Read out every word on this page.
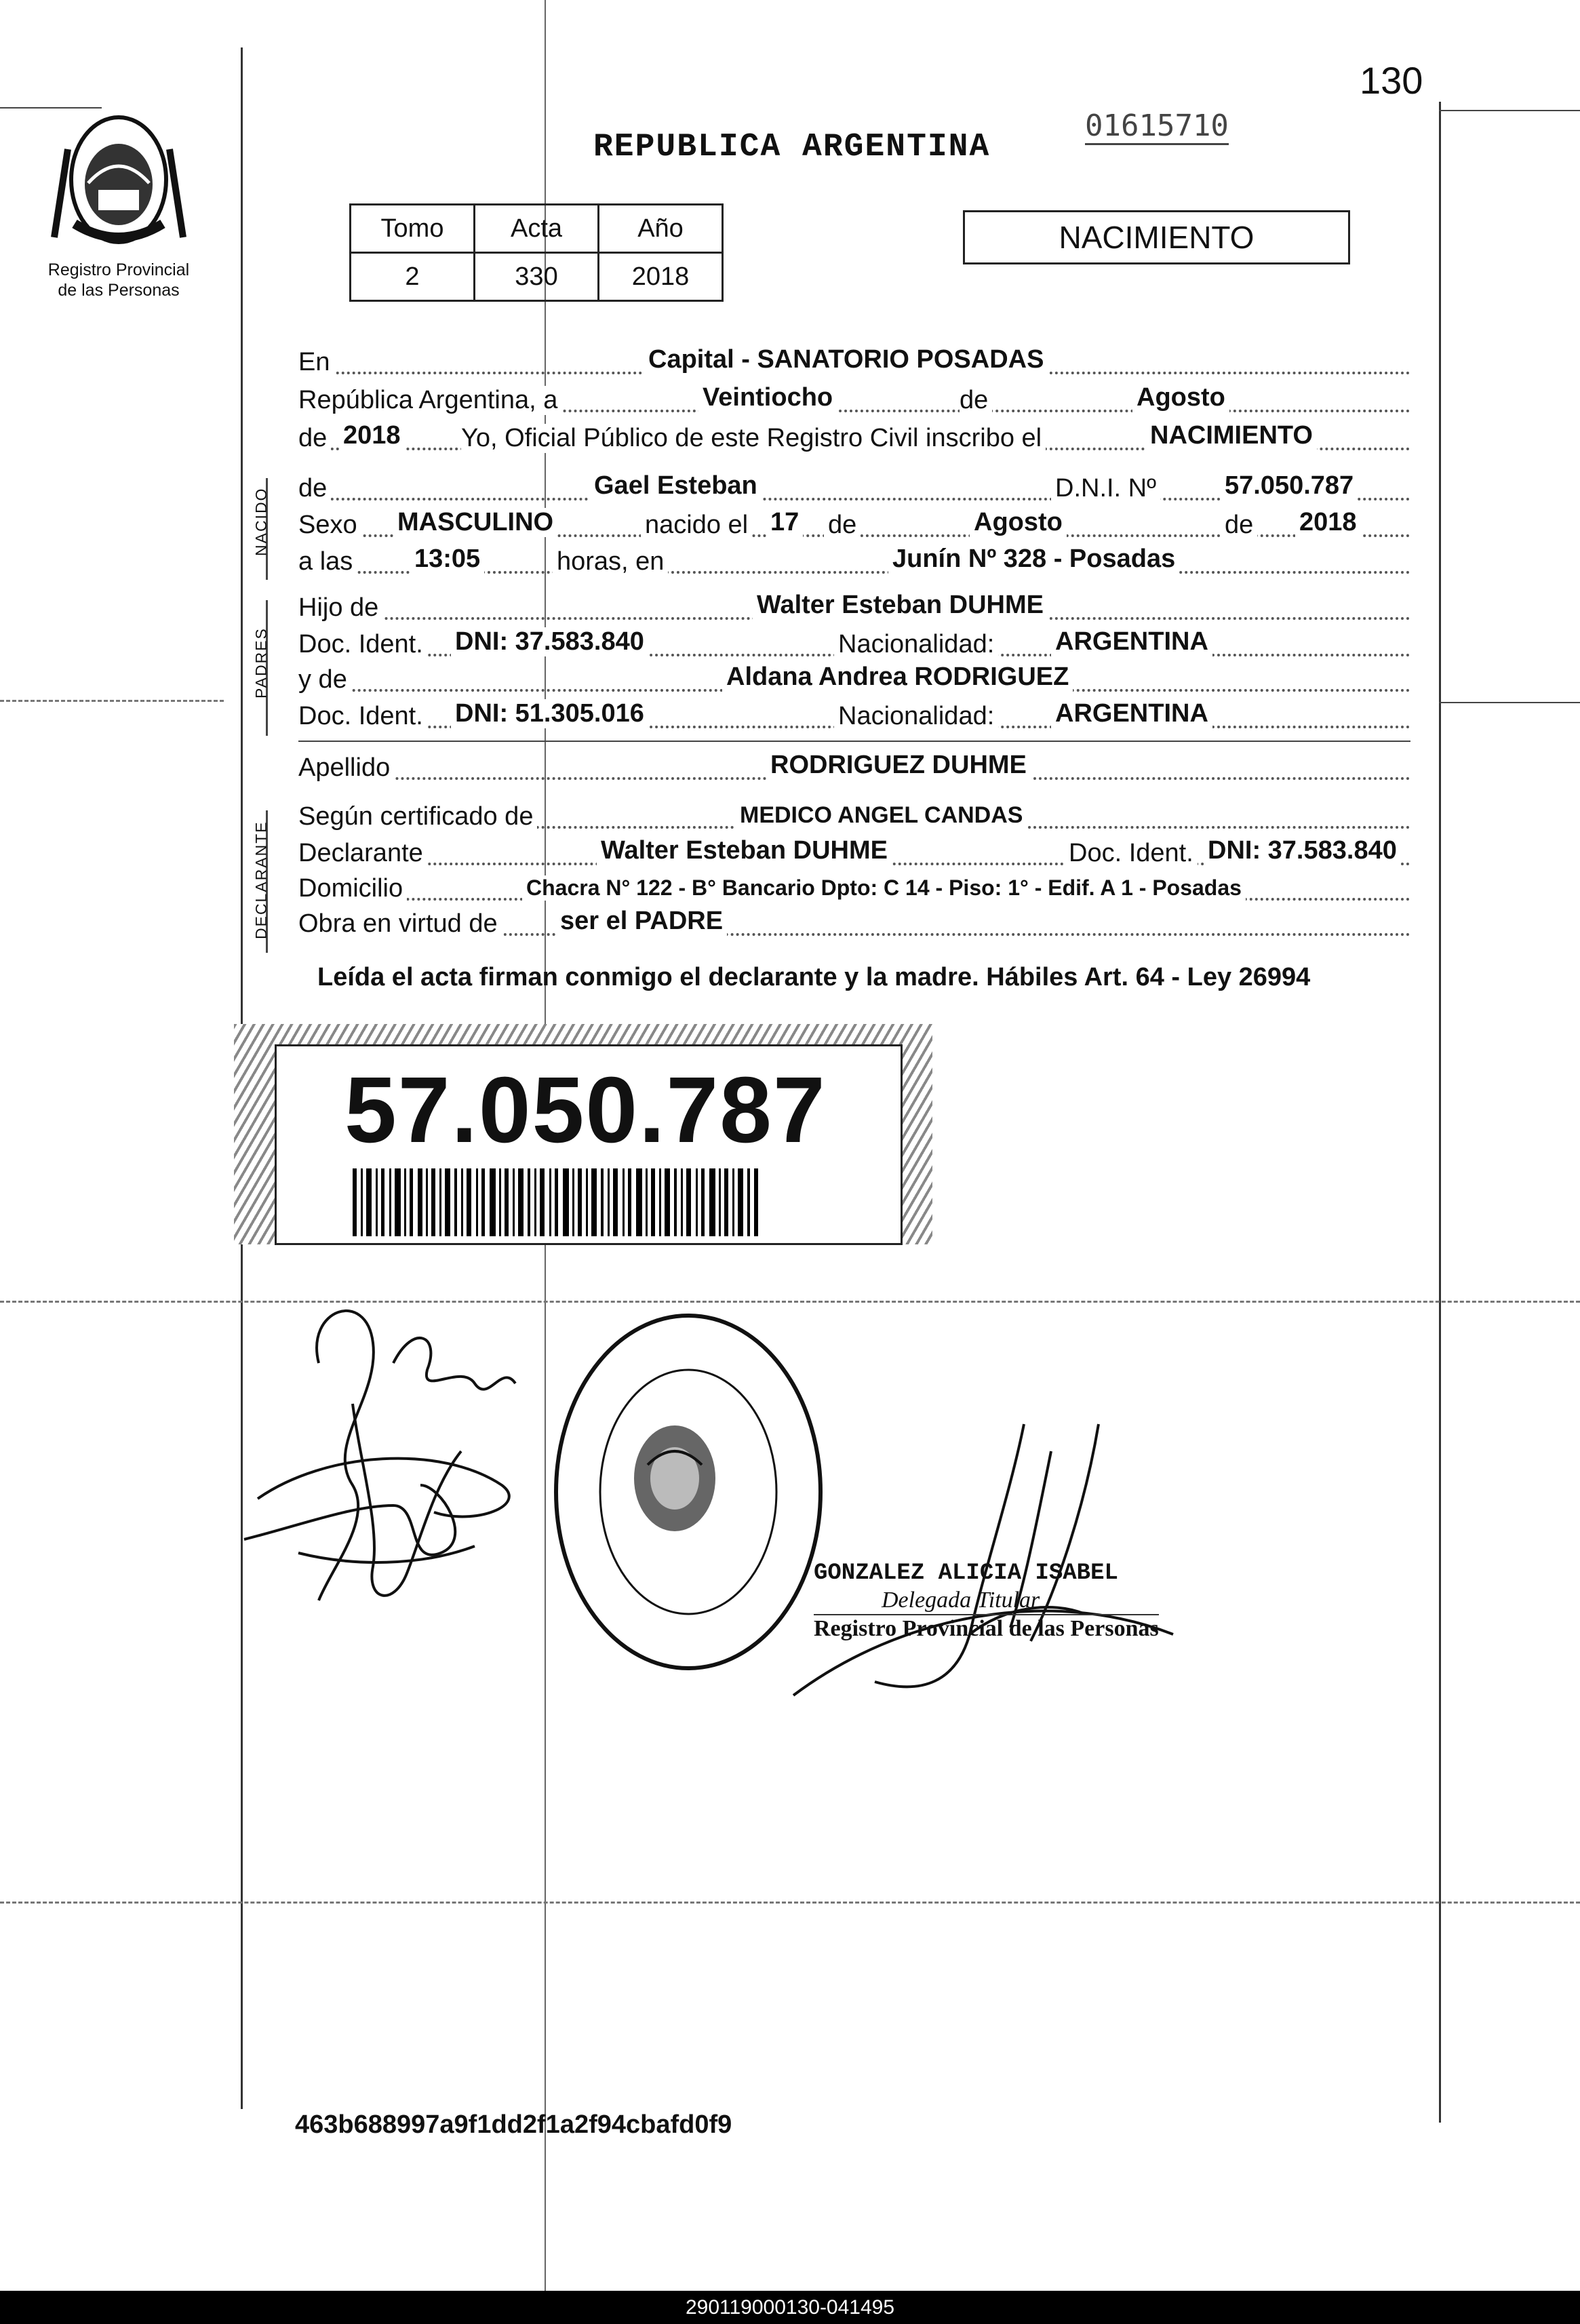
Registro Provincial
de las Personas
130
01615710
REPUBLICA ARGENTINA
Tomo	Acta	Año
2	330	2018
NACIMIENTO
En	Capital - SANATORIO POSADAS
República Argentina, a	Veintiocho	de	Agosto
de 2018 Yo, Oficial Público de este Registro Civil inscribo el	NACIMIENTO
NACIDO de	Gael Esteban	D.N.I. Nº	57.050.787
Sexo MASCULINO	nacido el 17 de	Agosto	de 2018
a las 13:05	horas, en	Junín Nº 328 - Posadas
PADRES
Hijo de	Walter Esteban DUHME
Doc. Ident. DNI: 37.583.840	Nacionalidad: ARGENTINA
y de	Aldana Andrea RODRIGUEZ
Doc. Ident. DNI: 51.305.016	Nacionalidad: ARGENTINA
Apellido	RODRIGUEZ DUHME
DECLARANTE
Según certificado de	MEDICO ANGEL CANDAS
Declarante	Walter Esteban DUHME	Doc. Ident. DNI: 37.583.840
Domicilio	Chacra N° 122 - B° Bancario Dpto: C 14 - Piso: 1° - Edif. A 1 - Posadas
Obra en virtud de ser el PADRE
Leída el acta firman conmigo el declarante y la madre. Hábiles Art. 64 - Ley 26994
57.050.787
GONZALEZ ALICIA ISABEL
Delegada Titular
Registro Provincial de las Personas
463b688997a9f1dd2f1a2f94cbafd0f9
290119000130-041495
